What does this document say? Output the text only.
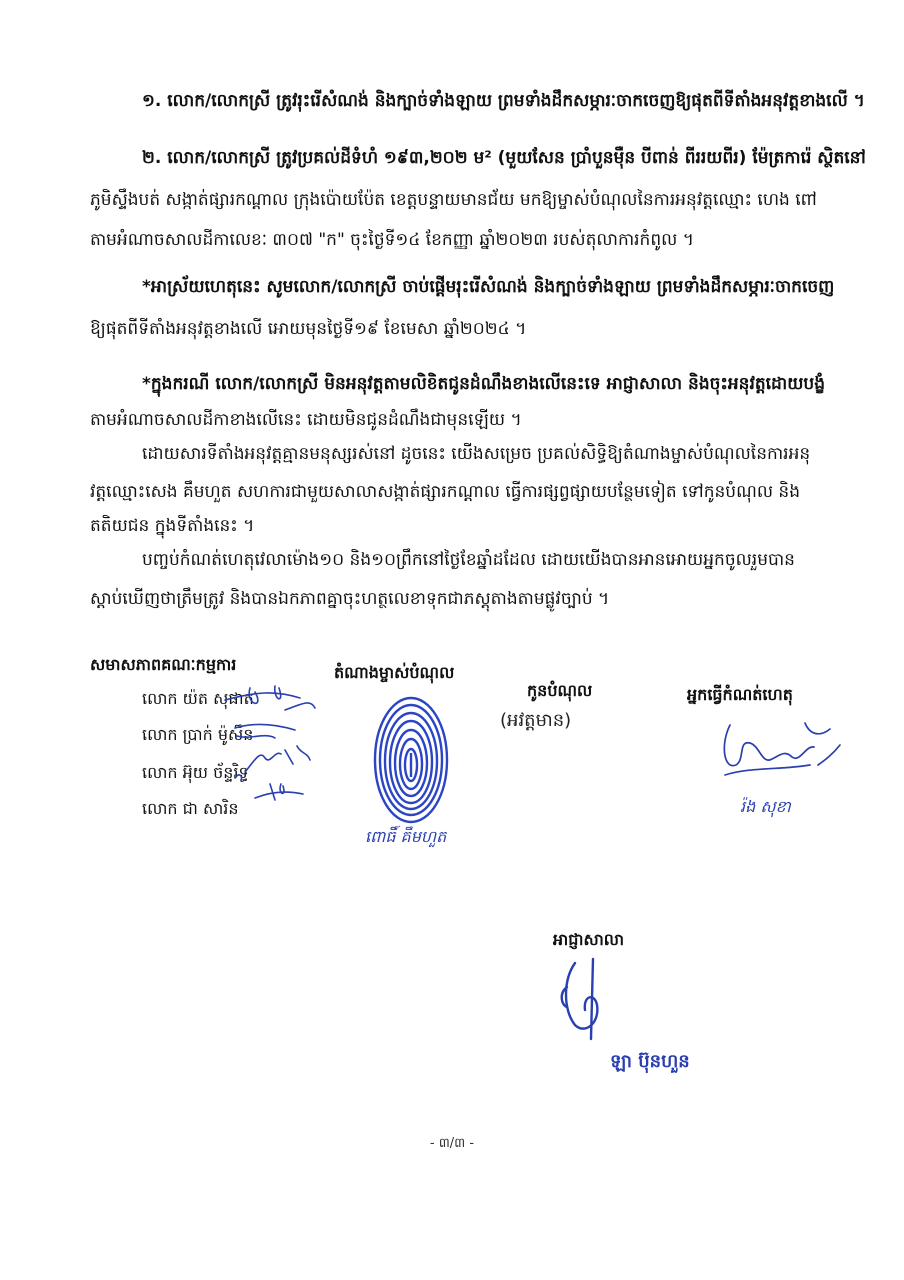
១. លោក/លោកស្រី ត្រូវរុះរើសំណង់ និងក្បាច់ទាំងឡាយ ព្រមទាំងដឹកសម្ភារៈចាកចេញឱ្យផុតពីទីតាំងអនុវត្តខាងលើ ។
២. លោក/លោកស្រី ត្រូវប្រគល់ដីទំហំ ១៩៣,២០២ ម² (មួយសែន ប្រាំបួនម៉ឺន បីពាន់ ពីររយពីរ) ម៉ែត្រការ៉េ ស្ថិតនៅ
ភូមិស្ទឹងបត់ សង្កាត់ផ្សារកណ្តាល ក្រុងប៉ោយប៉ែត ខេត្តបន្ទាយមានជ័យ មកឱ្យម្ចាស់បំណុលនៃការអនុវត្តឈ្មោះ ហេង ពៅ
តាមអំណាចសាលដីកាលេខៈ ៣០៧ "ក" ចុះថ្ងៃទី១៤ ខែកញ្ញា ឆ្នាំ២០២៣ របស់តុលាការកំពូល ។
*អាស្រ័យហេតុនេះ សូមលោក/លោកស្រី ចាប់ផ្តើមរុះរើសំណង់ និងក្បាច់ទាំងឡាយ ព្រមទាំងដឹកសម្ភារៈចាកចេញ
ឱ្យផុតពីទីតាំងអនុវត្តខាងលើ អោយមុនថ្ងៃទី១៩ ខែមេសា ឆ្នាំ២០២៤ ។
*ក្នុងករណី លោក/លោកស្រី មិនអនុវត្តតាមលិខិតជូនដំណឹងខាងលើនេះទេ អាជ្ញាសាលា និងចុះអនុវត្តដោយបង្ខំ
តាមអំណាចសាលដីកាខាងលើនេះ ដោយមិនជូនដំណឹងជាមុនឡើយ ។
ដោយសារទីតាំងអនុវត្តគ្មានមនុស្សរស់នៅ ដូចនេះ យើងសម្រេច ប្រគល់សិទ្ធិឱ្យតំណាងម្ចាស់បំណុលនៃការអនុ
វត្តឈ្មោះសេង គឹមហួត សហការជាមួយសាលាសង្កាត់ផ្សារកណ្តាល ធ្វើការផ្សព្វផ្សាយបន្ថែមទៀត ទៅកូនបំណុល និង
តតិយជន ក្នុងទីតាំងនេះ ។
បញ្ចប់កំណត់ហេតុវេលាម៉ោង១០ និង១០ព្រឹកនៅថ្ងៃខែឆ្នាំដដែល ដោយយើងបានអានអោយអ្នកចូលរួមបាន
ស្តាប់ឃើញថាត្រឹមត្រូវ និងបានឯកភាពគ្នាចុះហត្ថលេខាទុកជាភស្តុតាងតាមផ្លូវច្បាប់ ។
សមាសភាពគណៈកម្មការ
លោក យ៉ត សុផាត
លោក ប្រាក់ ម៉ូសឹន
លោក អ៊ុយ ច័ន្ទរិទ្ធ
លោក ជា សារិន
តំណាងម្ចាស់បំណុល
ពោធិ៍ គឹមហួត
កូនបំណុល
(អវត្តមាន)
អ្នកធ្វើកំណត់ហេតុ
រ៉ង សុខា
អាជ្ញាសាលា
ឡា ប៊ុនហួន
- ៣/៣ -
